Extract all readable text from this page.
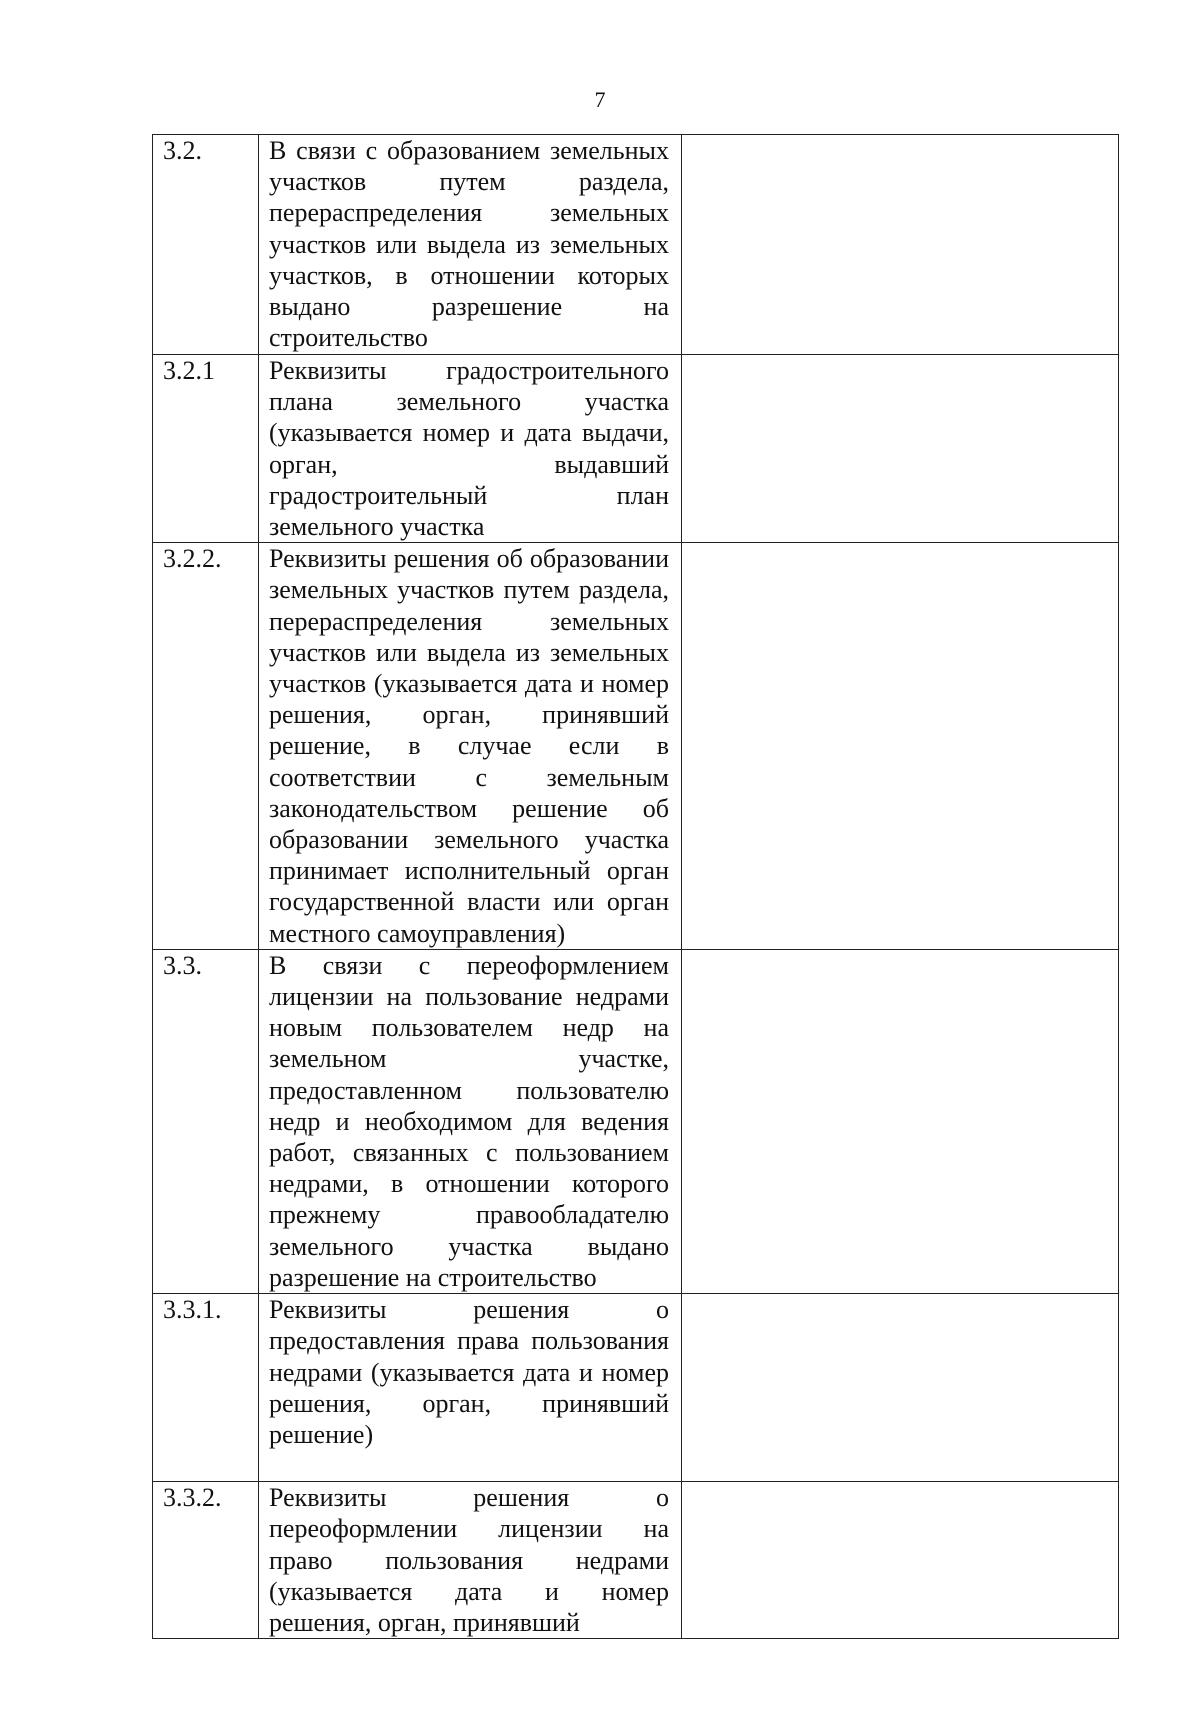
7
3.2.	В связи с образованием земельных участков путем раздела, перераспределения земельных участков или выдела из земельных участков, в отношении которых выдано разрешение на строительство	
3.2.1	Реквизиты градостроительного плана земельного участка (указывается номер и дата выдачи, орган, выдавший градостроительный план земельного участка	
3.2.2.	Реквизиты решения об образовании земельных участков путем раздела, перераспределения земельных участков или выдела из земельных участков (указывается дата и номер решения, орган, принявший решение, в случае если в соответствии с земельным законодательством решение об образовании земельного участка принимает исполнительный орган государственной власти или орган местного самоуправления)	
3.3.	В связи с переоформлением лицензии на пользование недрами новым пользователем недр на земельном участке, предоставленном пользователю недр и необходимом для ведения работ, связанных с пользованием недрами, в отношении которого прежнему правообладателю земельного участка выдано разрешение на строительство	
3.3.1.	Реквизиты решения о предоставления права пользования недрами (указывается дата и номер решения, орган, принявший решение)	
3.3.2.	Реквизиты решения о переоформлении лицензии на право пользования недрами (указывается дата и номер решения, орган, принявший	
